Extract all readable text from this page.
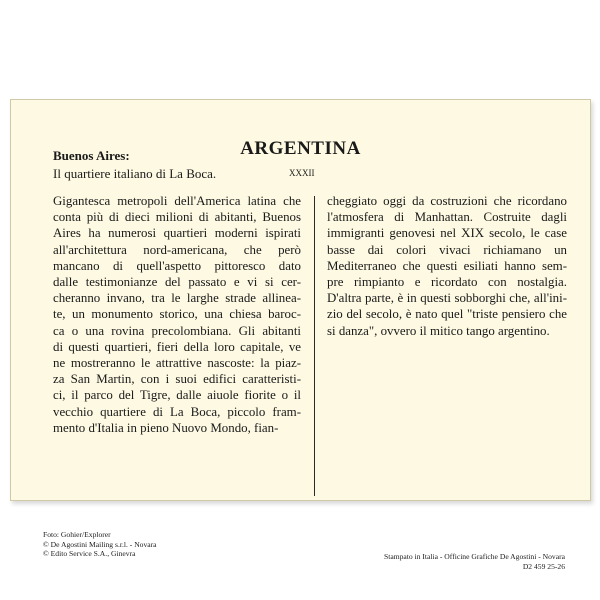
Buenos Aires:	ARGENTINA
Il quartiere italiano di La Boca.	XXXII
Gigantesca metropoli dell'America latina che
conta più di dieci milioni di abitanti, Buenos
Aires ha numerosi quartieri moderni ispirati
all'architettura nord-americana, che però
mancano di quell'aspetto pittoresco dato
dalle testimonianze del passato e vi si cer-
cheranno invano, tra le larghe strade allinea-
te, un monumento storico, una chiesa baroc-
ca o una rovina precolombiana. Gli abitanti
di questi quartieri, fieri della loro capitale, ve
ne mostreranno le attrattive nascoste: la piaz-
za San Martin, con i suoi edifici caratteristi-
ci, il parco del Tigre, dalle aiuole fiorite o il
vecchio quartiere di La Boca, piccolo fram-
mento d'Italia in pieno Nuovo Mondo, fian-
cheggiato oggi da costruzioni che ricordano
l'atmosfera di Manhattan. Costruite dagli
immigranti genovesi nel XIX secolo, le case
basse dai colori vivaci richiamano un
Mediterraneo che questi esiliati hanno sem-
pre rimpianto e ricordato con nostalgia.
D'altra parte, è in questi sobborghi che, all'ini-
zio del secolo, è nato quel "triste pensiero che
si danza", ovvero il mitico tango argentino.
Foto: Gohier/Explorer
© De Agostini Mailing s.r.l. - Novara
© Edito Service S.A., Ginevra	Stampato in Italia - Officine Grafiche De Agostini - Novara
D2 459 25-26
